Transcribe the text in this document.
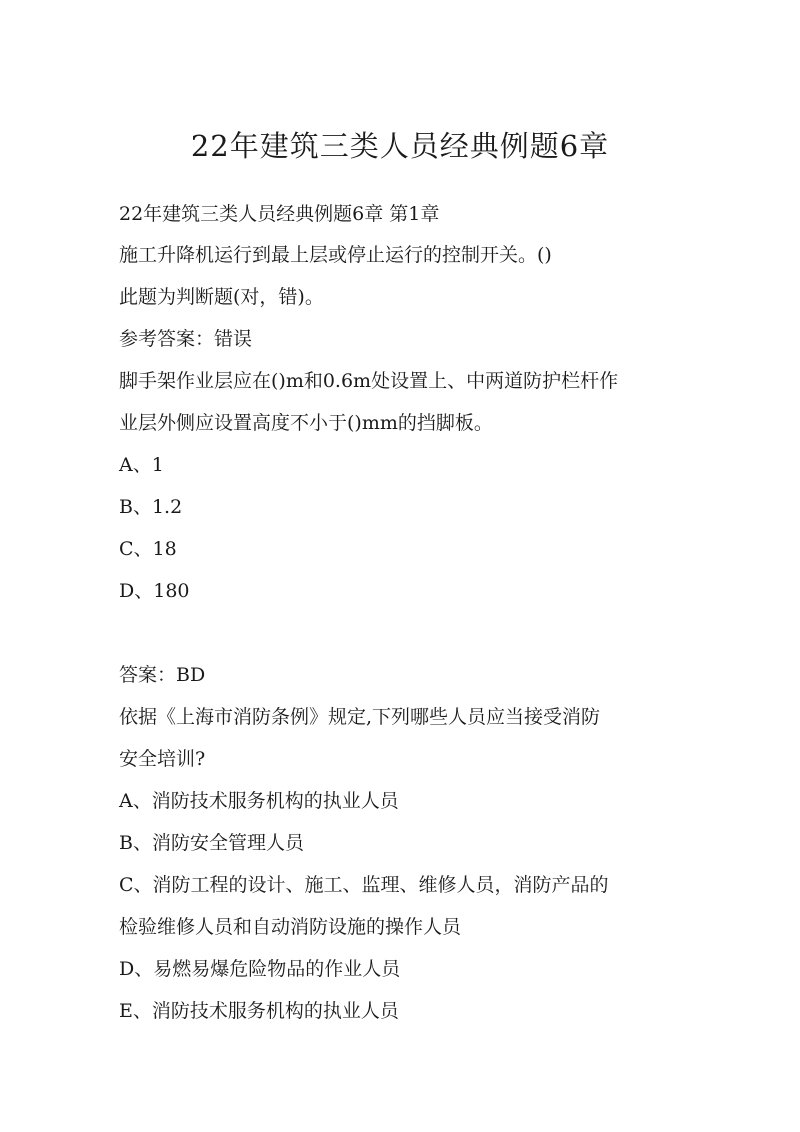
22年建筑三类人员经典例题6章

22年建筑三类人员经典例题6章 第1章

施工升降机运行到最上层或停止运行的控制开关。()

此题为判断题(对，错)。

参考答案：错误

脚手架作业层应在()m和0.6m处设置上、中两道防护栏杆作

业层外侧应设置高度不小于()mm的挡脚板。

A、1

B、1.2

C、18

D、180

答案：BD

依据《上海市消防条例》规定,下列哪些人员应当接受消防

安全培训?

A、消防技术服务机构的执业人员

B、消防安全管理人员

C、消防工程的设计、施工、监理、维修人员，消防产品的

检验维修人员和自动消防设施的操作人员

D、易燃易爆危险物品的作业人员

E、消防技术服务机构的执业人员
